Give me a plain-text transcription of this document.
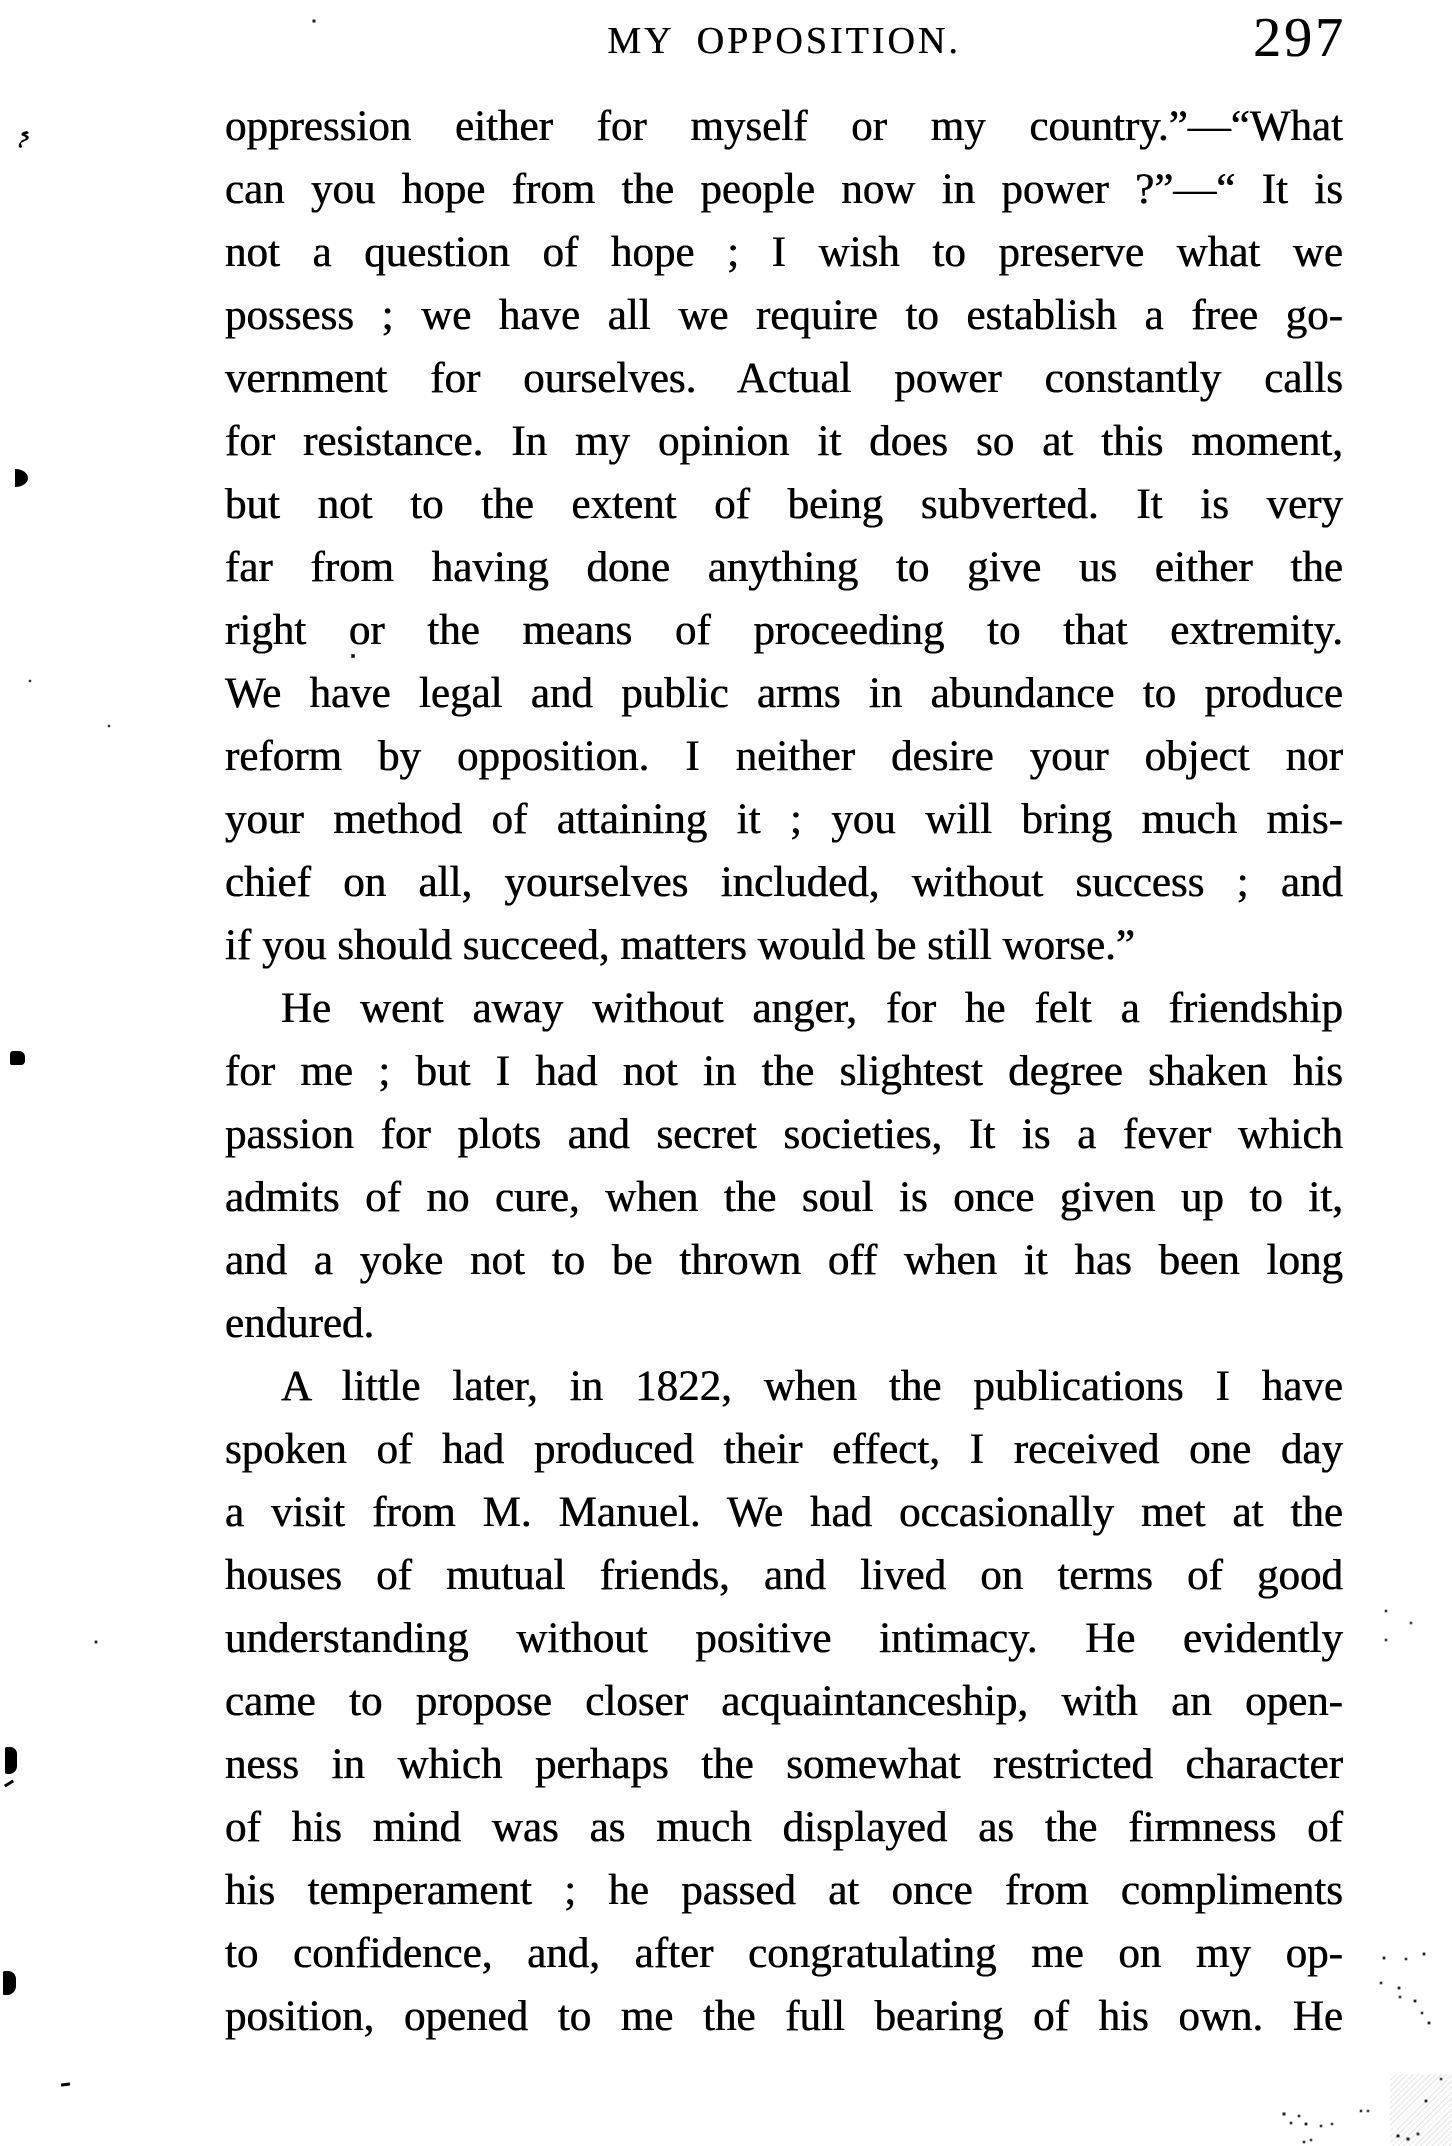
MY OPPOSITION.	297
oppression either for myself or my country.”—“What
can you hope from the people now in power ?”—“ It is
not a question of hope ; I wish to preserve what we
possess ; we have all we require to establish a free go-
vernment for ourselves. Actual power constantly calls
for resistance. In my opinion it does so at this moment,
but not to the extent of being subverted. It is very
far from having done anything to give us either the
right or the means of proceeding to that extremity.
We have legal and public arms in abundance to produce
reform by opposition. I neither desire your object nor
your method of attaining it ; you will bring much mis-
chief on all, yourselves included, without success ; and
if you should succeed, matters would be still worse.”
He went away without anger, for he felt a friendship
for me ; but I had not in the slightest degree shaken his
passion for plots and secret societies, It is a fever which
admits of no cure, when the soul is once given up to it,
and a yoke not to be thrown off when it has been long
endured.
A little later, in 1822, when the publications I have
spoken of had produced their effect, I received one day
a visit from M. Manuel. We had occasionally met at the
houses of mutual friends, and lived on terms of good
understanding without positive intimacy. He evidently
came to propose closer acquaintanceship, with an open-
ness in which perhaps the somewhat restricted character
of his mind was as much displayed as the firmness of
his temperament ; he passed at once from compliments
to confidence, and, after congratulating me on my op-
position, opened to me the full bearing of his own. He
